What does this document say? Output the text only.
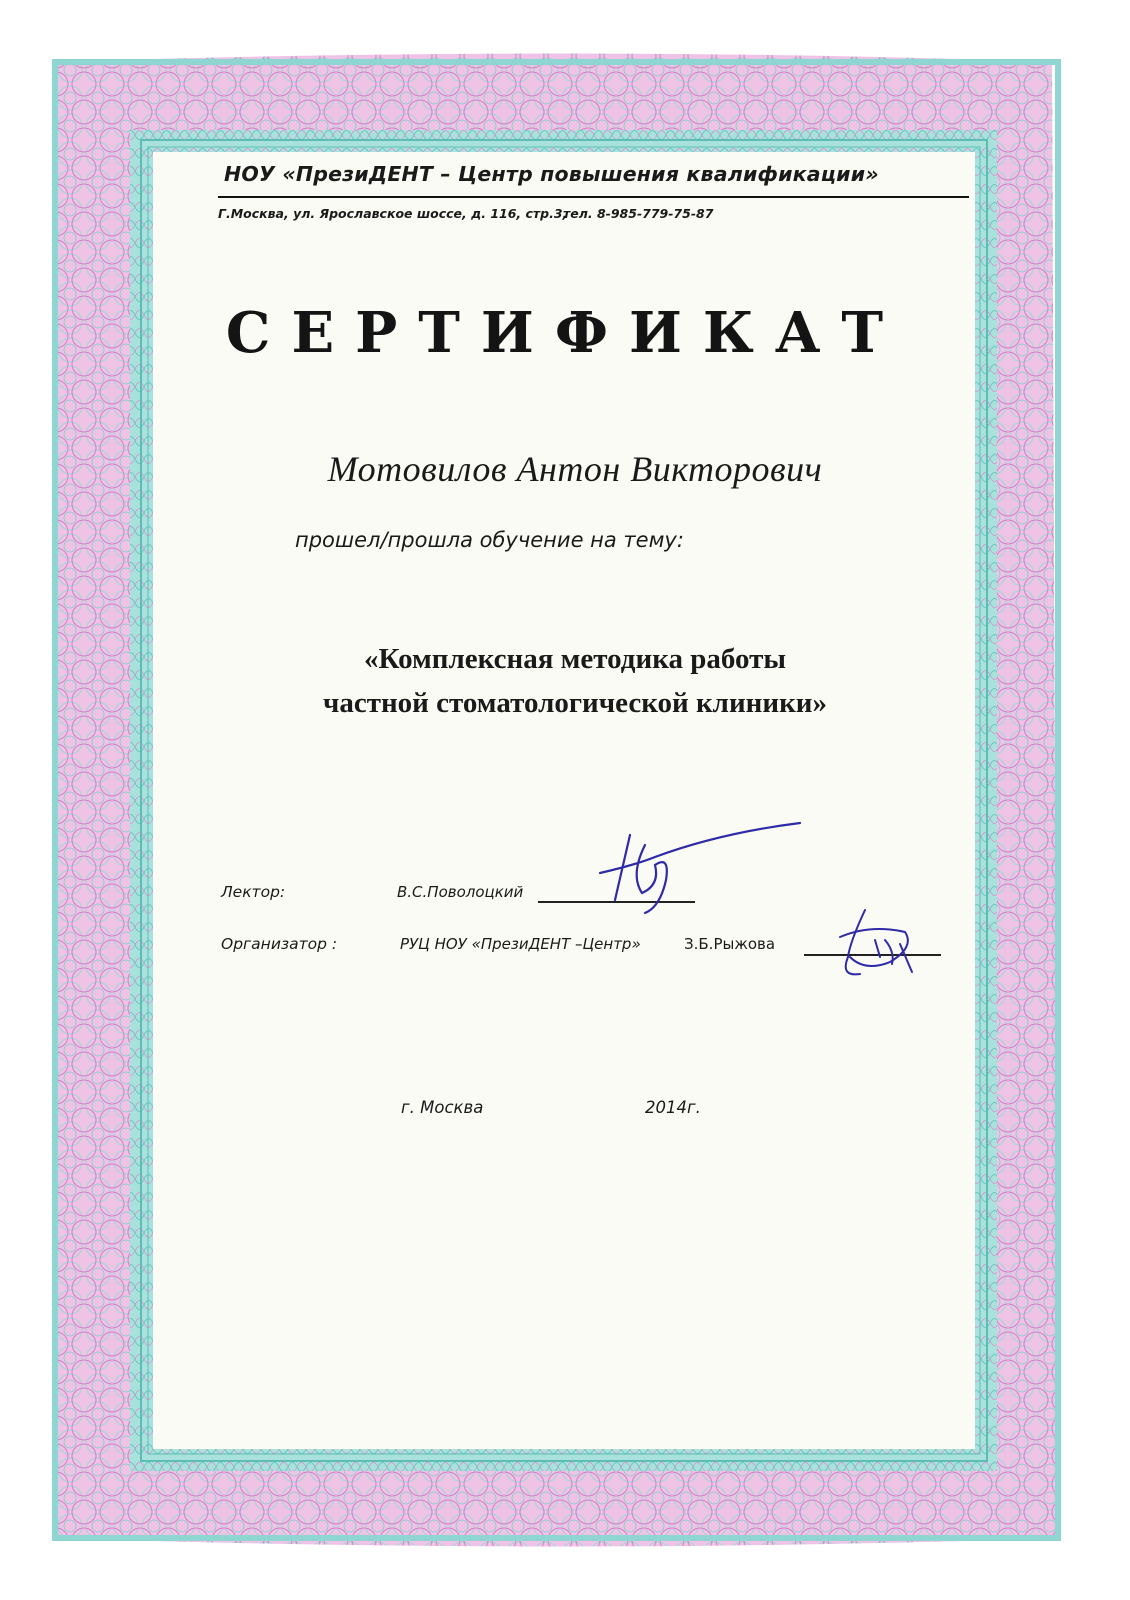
НОУ «ПрезиДЕНТ – Центр повышения квалификации»
Г.Москва, ул. Ярославское шоссе, д. 116, стр.3,
тел. 8-985-779-75-87
СЕРТИФИКАТ
Мотовилов Антон Викторович
прошел/прошла обучение на тему:
«Комплексная методика работы
частной стоматологической клиники»
Лектор:	В.С.Поволоцкий
Организатор :	РУЦ НОУ «ПрезиДЕНТ –Центр»	З.Б.Рыжова
г. Москва	2014г.
